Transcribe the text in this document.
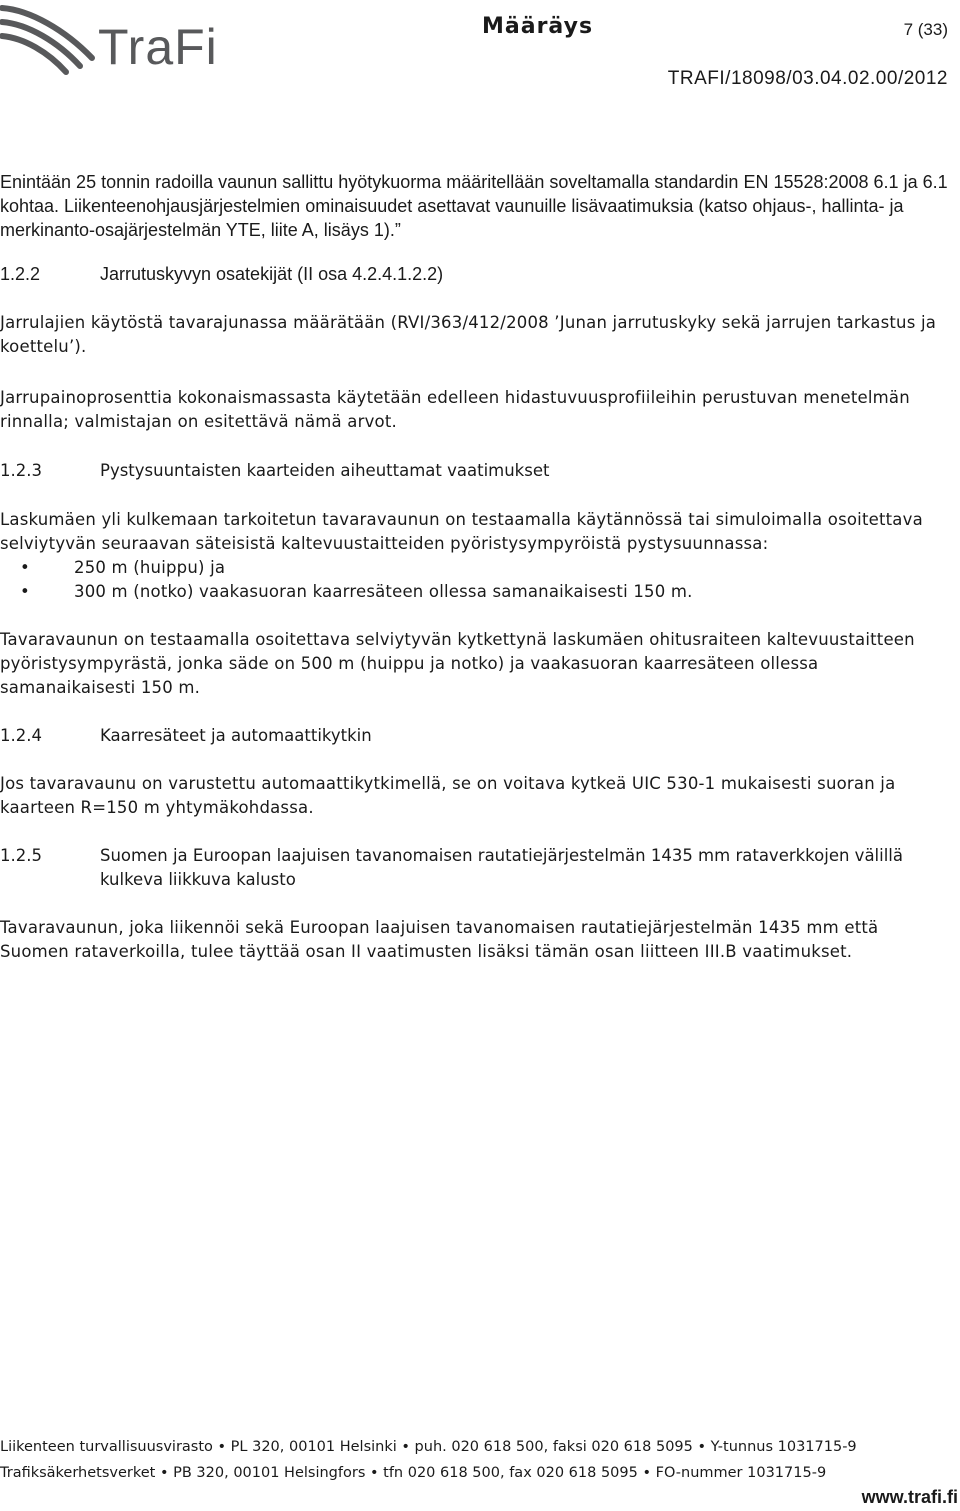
TraFi	Määräys	7 (33)
TRAFI/18098/03.04.02.00/2012

Enintään 25 tonnin radoilla vaunun sallittu hyötykuorma määritellään soveltamalla standardin EN 15528:2008 6.1 ja 6.1 kohtaa. Liikenteenohjausjärjestelmien ominaisuudet asettavat vaunuille lisävaatimuksia (katso ohjaus-, hallinta- ja merkinanto-osajärjestelmän YTE, liite A, lisäys 1).”

1.2.2	Jarrutuskyvyn osatekijät (II osa 4.2.4.1.2.2)

Jarrulajien käytöstä tavarajunassa määrätään (RVI/363/412/2008 ’Junan jarrutuskyky sekä jarrujen tarkastus ja koettelu’).

Jarrupainoprosenttia kokonaismassasta käytetään edelleen hidastuvuusprofiileihin perustuvan menetelmän rinnalla; valmistajan on esitettävä nämä arvot.

1.2.3	Pystysuuntaisten kaarteiden aiheuttamat vaatimukset

Laskumäen yli kulkemaan tarkoitetun tavaravaunun on testaamalla käytännössä tai simuloimalla osoitettava selviytyvän seuraavan säteisistä kaltevuustaitteiden pyöristysympyröistä pystysuunnassa:

•	250 m (huippu) ja
•	300 m (notko) vaakasuoran kaarresäteen ollessa samanaikaisesti 150 m.

Tavaravaunun on testaamalla osoitettava selviytyvän kytkettynä laskumäen ohitusraiteen kaltevuustaitteen pyöristysympyrästä, jonka säde on 500 m (huippu ja notko) ja vaakasuoran kaarresäteen ollessa samanaikaisesti 150 m.

1.2.4	Kaarresäteet ja automaattikytkin

Jos tavaravaunu on varustettu automaattikytkimellä, se on voitava kytkeä UIC 530-1 mukaisesti suoran ja kaarteen R=150 m yhtymäkohdassa.

1.2.5	Suomen ja Euroopan laajuisen tavanomaisen rautatiejärjestelmän 1435 mm rataverkkojen välillä kulkeva liikkuva kalusto

Tavaravaunun, joka liikennöi sekä Euroopan laajuisen tavanomaisen rautatiejärjestelmän 1435 mm että Suomen rataverkoilla, tulee täyttää osan II vaatimusten lisäksi tämän osan liitteen III.B vaatimukset.

Liikenteen turvallisuusvirasto • PL 320, 00101 Helsinki • puh. 020 618 500, faksi 020 618 5095 • Y-tunnus 1031715-9
Trafiksäkerhetsverket • PB 320, 00101 Helsingfors • tfn 020 618 500, fax 020 618 5095 • FO-nummer 1031715-9
www.trafi.fi
